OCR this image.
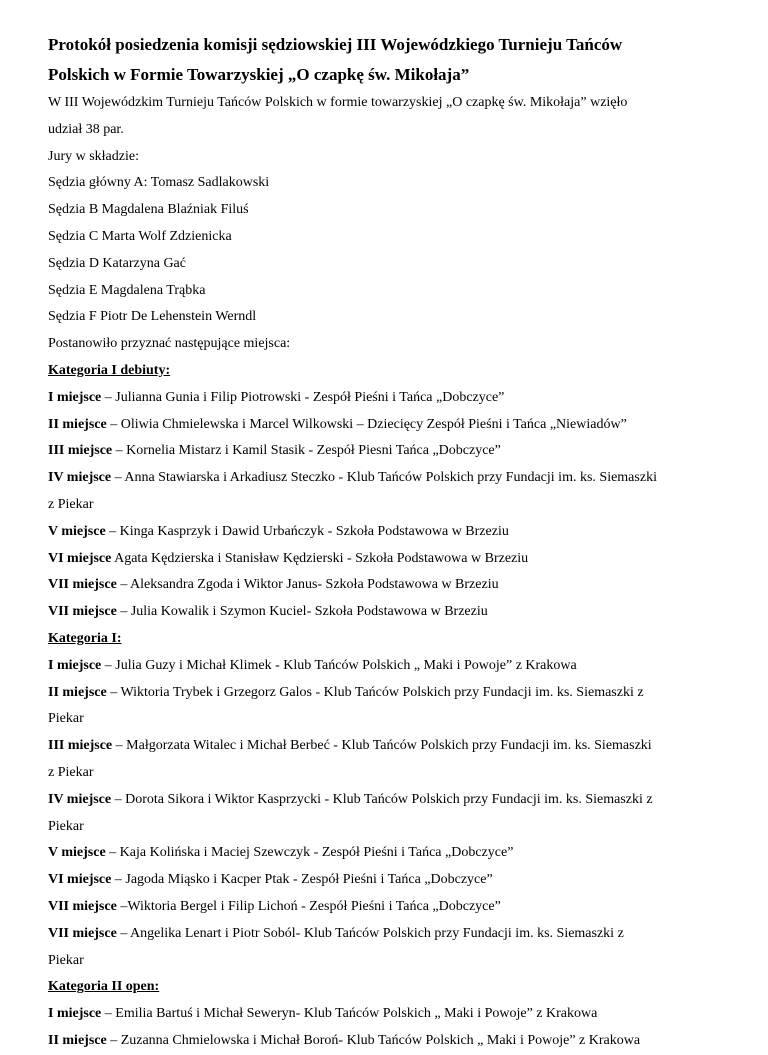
Protokół posiedzenia komisji sędziowskiej III Wojewódzkiego Turnieju Tańców

Polskich w Formie Towarzyskiej „O czapkę św. Mikołaja”

W III Wojewódzkim Turnieju Tańców Polskich w formie towarzyskiej „O czapkę św. Mikołaja” wzięło

udział 38 par.

Jury w składzie:

Sędzia główny A: Tomasz Sadlakowski

Sędzia B Magdalena Blaźniak Filuś

Sędzia C Marta Wolf Zdzienicka

Sędzia D Katarzyna Gać

Sędzia E Magdalena Trąbka

Sędzia F Piotr De Lehenstein Werndl

Postanowiło przyznać następujące miejsca:

Kategoria I debiuty:

I miejsce – Julianna Gunia i Filip Piotrowski - Zespół Pieśni i Tańca „Dobczyce”

II miejsce – Oliwia Chmielewska i Marcel Wilkowski – Dziecięcy Zespół Pieśni i Tańca „Niewiadów”

III miejsce – Kornelia Mistarz i Kamil Stasik - Zespół Piesni Tańca „Dobczyce”

IV miejsce – Anna Stawiarska i Arkadiusz Steczko - Klub Tańców Polskich przy Fundacji im. ks. Siemaszki

z Piekar

V miejsce – Kinga Kasprzyk i Dawid Urbańczyk - Szkoła Podstawowa w Brzeziu

VI miejsce Agata Kędzierska i Stanisław Kędzierski - Szkoła Podstawowa w Brzeziu

VII miejsce – Aleksandra Zgoda i Wiktor Janus- Szkoła Podstawowa w Brzeziu

VII miejsce – Julia Kowalik i Szymon Kuciel- Szkoła Podstawowa w Brzeziu

Kategoria I:

I miejsce – Julia Guzy i Michał Klimek - Klub Tańców Polskich „ Maki i Powoje” z Krakowa

II miejsce – Wiktoria Trybek i Grzegorz Galos - Klub Tańców Polskich przy Fundacji im. ks. Siemaszki z

Piekar

III miejsce – Małgorzata Witalec i Michał Berbeć - Klub Tańców Polskich przy Fundacji im. ks. Siemaszki

z Piekar

IV miejsce – Dorota Sikora i Wiktor Kasprzycki - Klub Tańców Polskich przy Fundacji im. ks. Siemaszki z

Piekar

V miejsce – Kaja Kolińska i Maciej Szewczyk - Zespół Pieśni i Tańca „Dobczyce”

VI miejsce – Jagoda Miąsko i Kacper Ptak - Zespół Pieśni i Tańca „Dobczyce”

VII miejsce –Wiktoria Bergel i Filip Lichoń - Zespół Pieśni i Tańca „Dobczyce”

VII miejsce – Angelika Lenart i Piotr Soból- Klub Tańców Polskich przy Fundacji im. ks. Siemaszki z

Piekar

Kategoria II open:

I miejsce – Emilia Bartuś i Michał Seweryn- Klub Tańców Polskich „ Maki i Powoje” z Krakowa

II miejsce – Zuzanna Chmielowska i Michał Boroń- Klub Tańców Polskich „ Maki i Powoje” z Krakowa
